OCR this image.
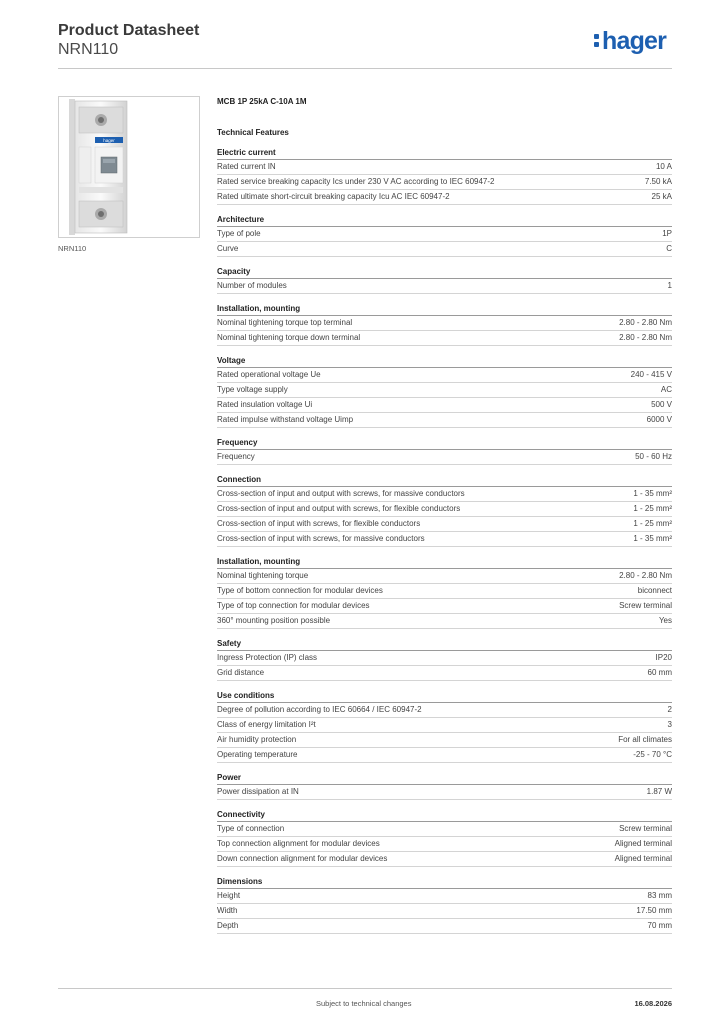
Product Datasheet
NRN110	hager
hager
NRN110
MCB 1P 25kA C-10A 1M
Technical Features
Electric current
Rated current IN	10 A
Rated service breaking capacity Ics under 230 V AC according to IEC 60947-2	7.50 kA
Rated ultimate short-circuit breaking capacity Icu AC IEC 60947-2	25 kA
Architecture
Type of pole	1P
Curve	C
Capacity
Number of modules	1
Installation, mounting
Nominal tightening torque top terminal	2.80 - 2.80 Nm
Nominal tightening torque down terminal	2.80 - 2.80 Nm
Voltage
Rated operational voltage Ue	240 - 415 V
Type voltage supply	AC
Rated insulation voltage Ui	500 V
Rated impulse withstand voltage Uimp	6000 V
Frequency
Frequency	50 - 60 Hz
Connection
Cross-section of input and output with screws, for massive conductors	1 - 35 mm²
Cross-section of input and output with screws, for flexible conductors	1 - 25 mm²
Cross-section of input with screws, for flexible conductors	1 - 25 mm²
Cross-section of input with screws, for massive conductors	1 - 35 mm²
Installation, mounting
Nominal tightening torque	2.80 - 2.80 Nm
Type of bottom connection for modular devices	biconnect
Type of top connection for modular devices	Screw terminal
360° mounting position possible	Yes
Safety
Ingress Protection (IP) class	IP20
Grid distance	60 mm
Use conditions
Degree of pollution according to IEC 60664 / IEC 60947-2	2
Class of energy limitation I²t	3
Air humidity protection	For all climates
Operating temperature	-25 - 70 °C
Power
Power dissipation at IN	1.87 W
Connectivity
Type of connection	Screw terminal
Top connection alignment for modular devices	Aligned terminal
Down connection alignment for modular devices	Aligned terminal
Dimensions
Height	83 mm
Width	17.50 mm
Depth	70 mm
Subject to technical changes	16.08.2026
